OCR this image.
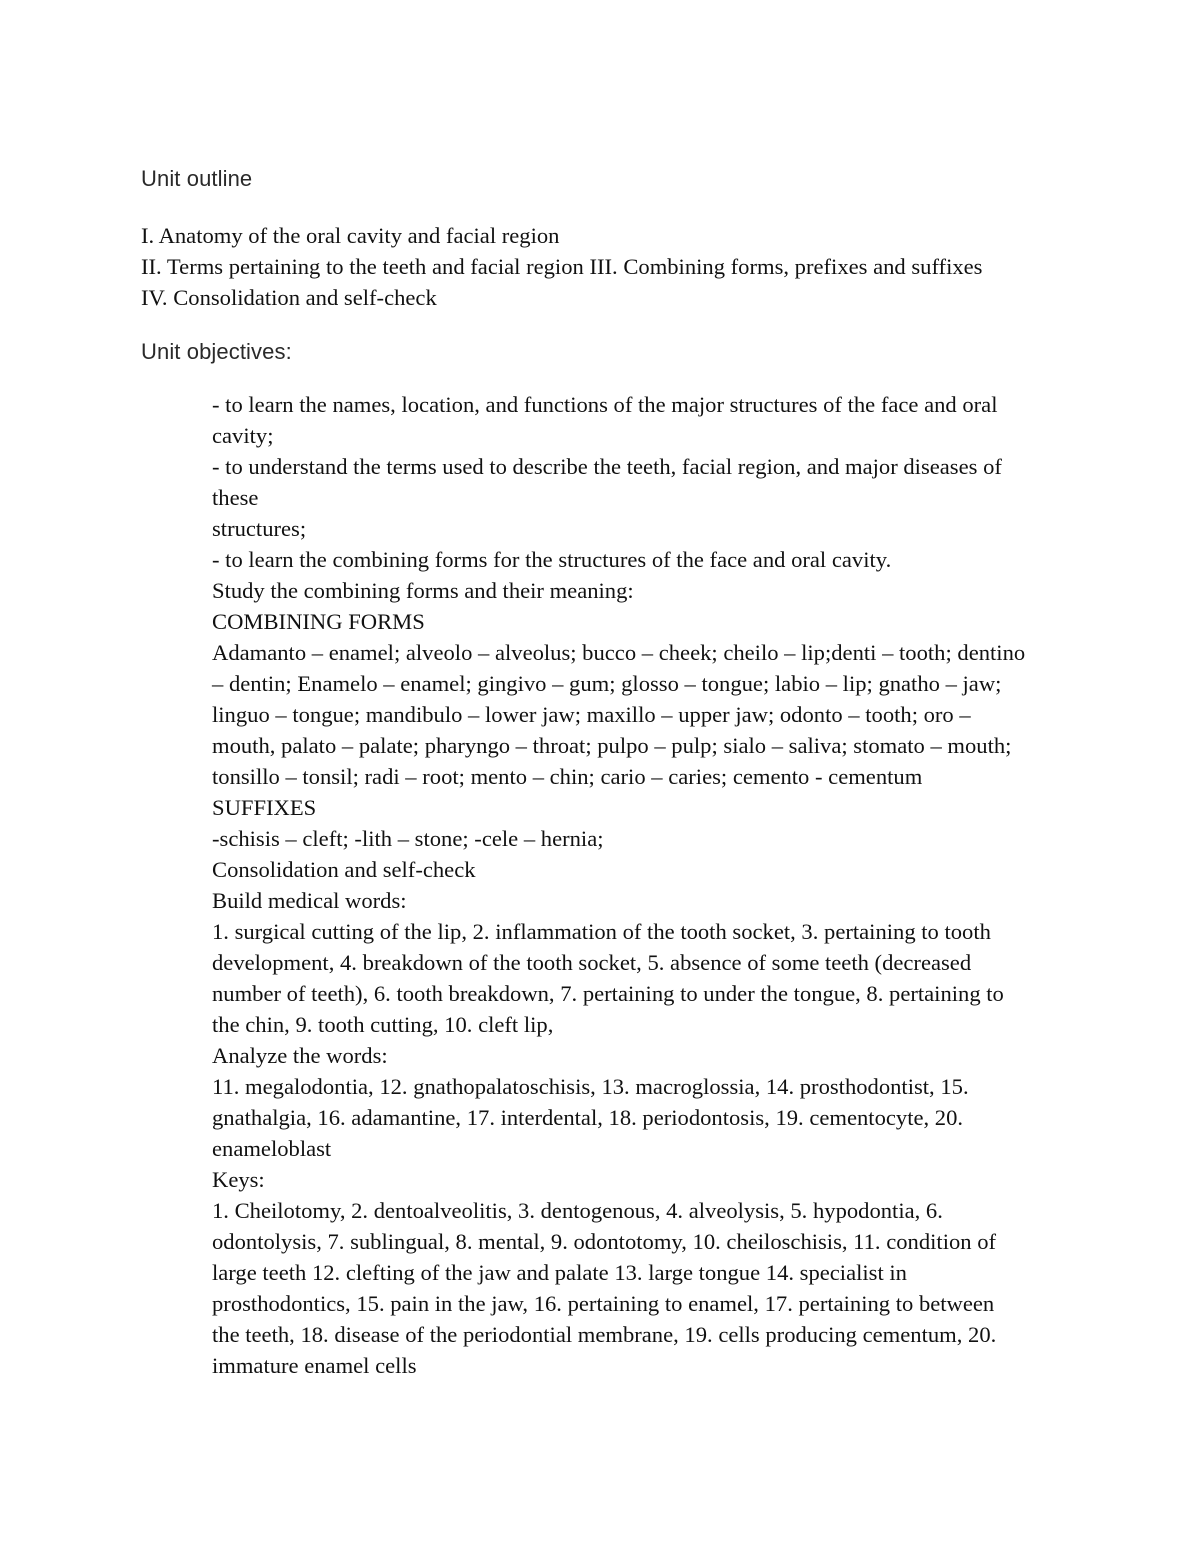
Unit outline
I. Anatomy of the oral cavity and facial region
II. Terms pertaining to the teeth and facial region III. Combining forms, prefixes and suffixes
IV. Consolidation and self-check
Unit objectives:
- to learn the names, location, and functions of the major structures of the face and oral
cavity;
- to understand the terms used to describe the teeth, facial region, and major diseases of
these
structures;
- to learn the combining forms for the structures of the face and oral cavity.
Study the combining forms and their meaning:
COMBINING FORMS
Adamanto – enamel; alveolo – alveolus; bucco – cheek; cheilo – lip;denti – tooth; dentino
– dentin; Enamelo – enamel; gingivo – gum; glosso – tongue; labio – lip; gnatho – jaw;
linguo – tongue; mandibulo – lower jaw; maxillo – upper jaw; odonto – tooth; oro –
mouth, palato – palate; pharyngo – throat; pulpo – pulp; sialo – saliva; stomato – mouth;
tonsillo – tonsil; radi – root; mento – chin; cario – caries; cemento - cementum
SUFFIXES
-schisis – cleft; -lith – stone; -cele – hernia;
Consolidation and self-check
Build medical words:
1. surgical cutting of the lip, 2. inflammation of the tooth socket, 3. pertaining to tooth
development, 4. breakdown of the tooth socket, 5. absence of some teeth (decreased
number of teeth), 6. tooth breakdown, 7. pertaining to under the tongue, 8. pertaining to
the chin, 9. tooth cutting, 10. cleft lip,
Analyze the words:
11. megalodontia, 12. gnathopalatoschisis, 13. macroglossia, 14. prosthodontist, 15.
gnathalgia, 16. adamantine, 17. interdental, 18. periodontosis, 19. cementocyte, 20.
enameloblast
Keys:
1. Cheilotomy, 2. dentoalveolitis, 3. dentogenous, 4. alveolysis, 5. hypodontia, 6.
odontolysis, 7. sublingual, 8. mental, 9. odontotomy, 10. cheiloschisis, 11. condition of
large teeth 12. clefting of the jaw and palate 13. large tongue 14. specialist in
prosthodontics, 15. pain in the jaw, 16. pertaining to enamel, 17. pertaining to between
the teeth, 18. disease of the periodontial membrane, 19. cells producing cementum, 20.
immature enamel cells
